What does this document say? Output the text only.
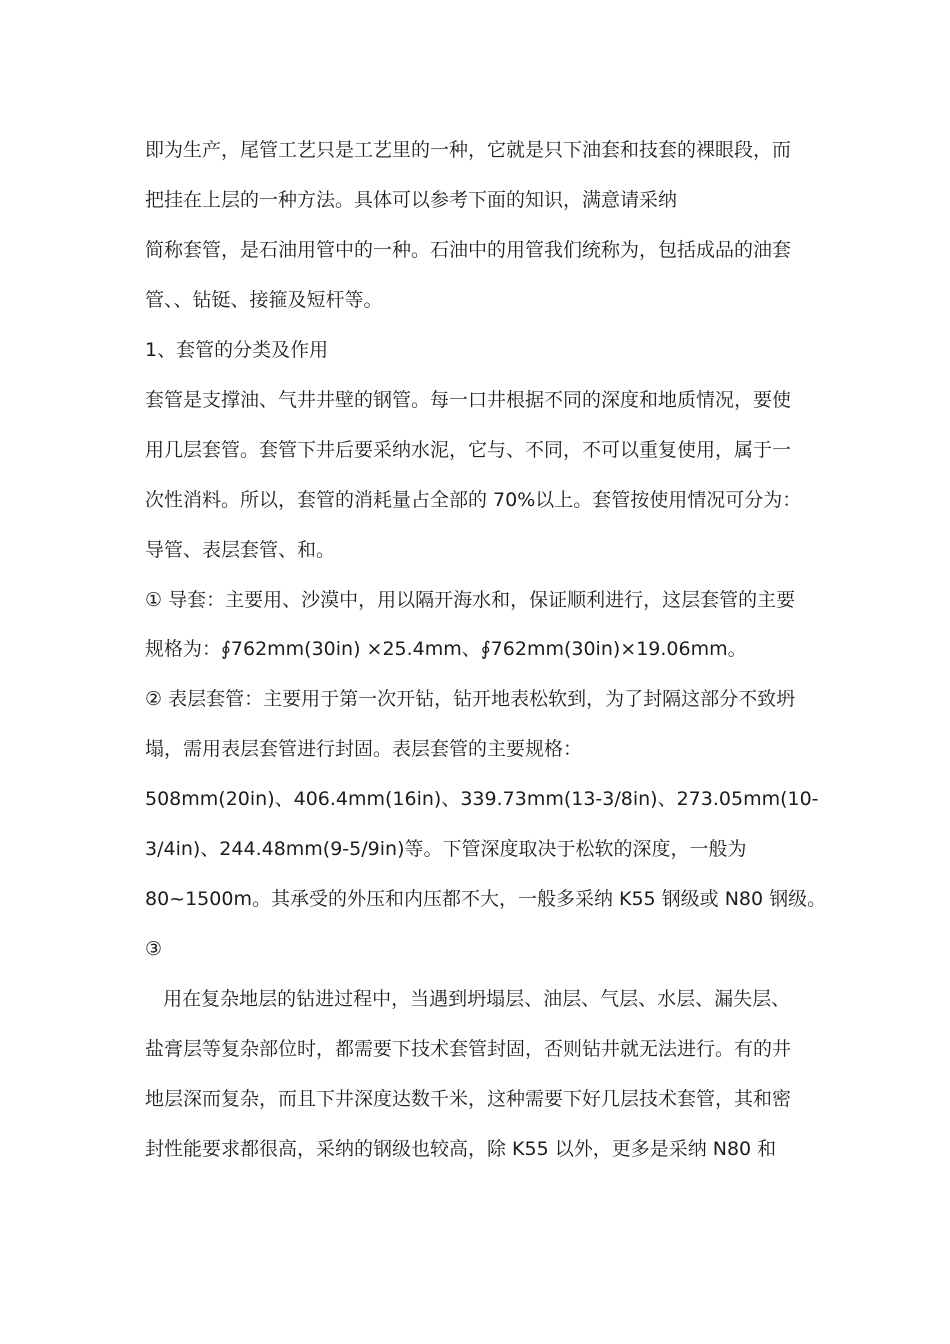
即为生产，尾管工艺只是工艺里的一种，它就是只下油套和技套的裸眼段，而
把挂在上层的一种方法。具体可以参考下面的知识，满意请采纳
简称套管，是石油用管中的一种。石油中的用管我们统称为，包括成品的油套
管、、钻铤、接箍及短杆等。
1、套管的分类及作用
套管是支撑油、气井井壁的钢管。每一口井根据不同的深度和地质情况，要使
用几层套管。套管下井后要采纳水泥，它与、不同，不可以重复使用，属于一
次性消料。所以，套管的消耗量占全部的 70%以上。套管按使用情况可分为：
导管、表层套管、和。
① 导套：主要用、沙漠中，用以隔开海水和，保证顺利进行，这层套管的主要
规格为：∮762mm(30in) ×25.4mm、∮762mm(30in)×19.06mm。
② 表层套管：主要用于第一次开钻，钻开地表松软到，为了封隔这部分不致坍
塌，需用表层套管进行封固。表层套管的主要规格：
508mm(20in)、406.4mm(16in)、339.73mm(13-3/8in)、273.05mm(10-
3/4in)、244.48mm(9-5/9in)等。下管深度取决于松软的深度，一般为
80~1500m。其承受的外压和内压都不大，一般多采纳 K55 钢级或 N80 钢级。
③
用在复杂地层的钻进过程中，当遇到坍塌层、油层、气层、水层、漏失层、
盐膏层等复杂部位时，都需要下技术套管封固，否则钻井就无法进行。有的井
地层深而复杂，而且下井深度达数千米，这种需要下好几层技术套管，其和密
封性能要求都很高，采纳的钢级也较高，除 K55 以外，更多是采纳 N80 和
